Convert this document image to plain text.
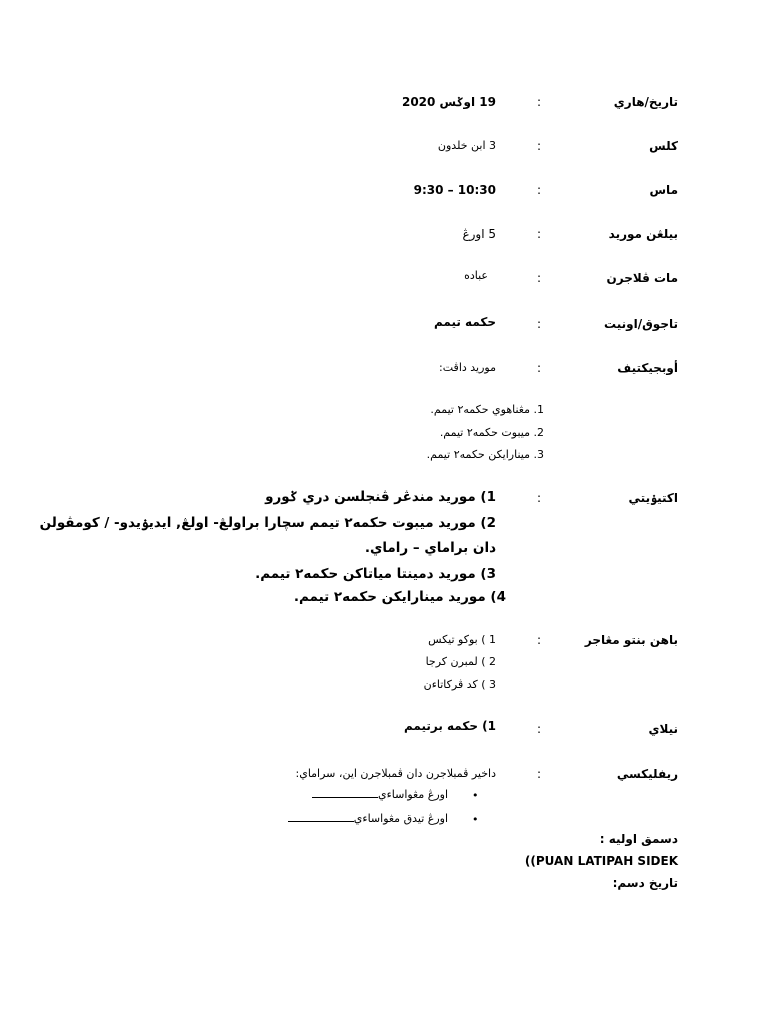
تاريخ/هاري
:
19 اوݢس 2020
کلس
:
3 ابن خلدون
ماس
:
9:30 – 10:30
بيلڠن موريد
:
5 اورڠ
مات ڤلاجرن
:
عباده
تاجوق/اونيت
:
حکمه تيمم
أوبجيکتيف
:
موريد داڤت:
1. مڠناهوي حکمه٢ تيمم.
2. ميبوت حکمه٢ تيمم.
3. مينارايکن حکمه٢ تيمم.
اکتيۏيتي
:
1) موريد مندڠر ڤنجلسن دري ݢورو
2) موريد ميبوت حکمه٢ تيمم سچارا براولڠ- اولڠ, ايديۏيدو- / کومڤولن
دان براماي – راماي.
3) موريد دمينتا مياتاکن حکمه٢ تيمم.
4) موريد مينارايکن حکمه٢ تيمم.
باهن بنتو مڠاجر
:
1 ) بوکو تيکس
2 ) لمبرن کرجا
3 ) کد ڤرکاتاءن
نيلاي
:
1) حکمه برتيمم
ريفليکسي
:
داخير ڤمبلاجرن دان ڤمبلاجرن اين، سراماي:
•
اورڠ مڠواساءي
•
اورڠ تيدق مڠواساءي
دسمق اوليه :
((PUAN LATIPAH SIDEK
تاريخ دسم:
